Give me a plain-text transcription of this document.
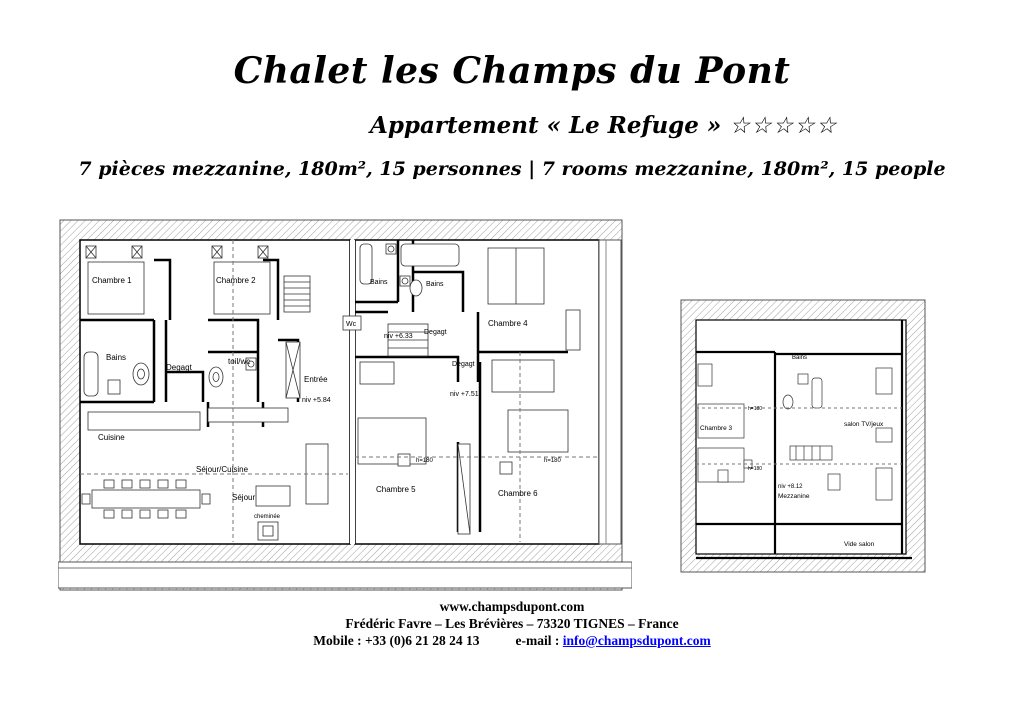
Chalet les Champs du Pont
Appartement « Le Refuge » ☆☆☆☆☆
7 pièces mezzanine, 180m², 15 personnes | 7 rooms mezzanine, 180m², 15 people
Chambre 1	Chambre 2
Bains
Degagt
toil/wc
Entrée
niv +5.84
Cuisine
Séjour/Cuisine
Séjour
cheminée
Bains	Bains
Wc
niv +6.33
Degagt
Chambre 4
Degagt
niv +7.51
h=180	h=180
Chambre 5	Chambre 6
Bains
h=180
salon TV/jeux
Chambre 3
h=180
niv +8.12
Mezzanine
Vide salon
www.champsdupont.com
Frédéric Favre – Les Brévières – 73320 TIGNES – France
Mobile : +33 (0)6 21 28 24 13	e-mail : info@champsdupont.com
